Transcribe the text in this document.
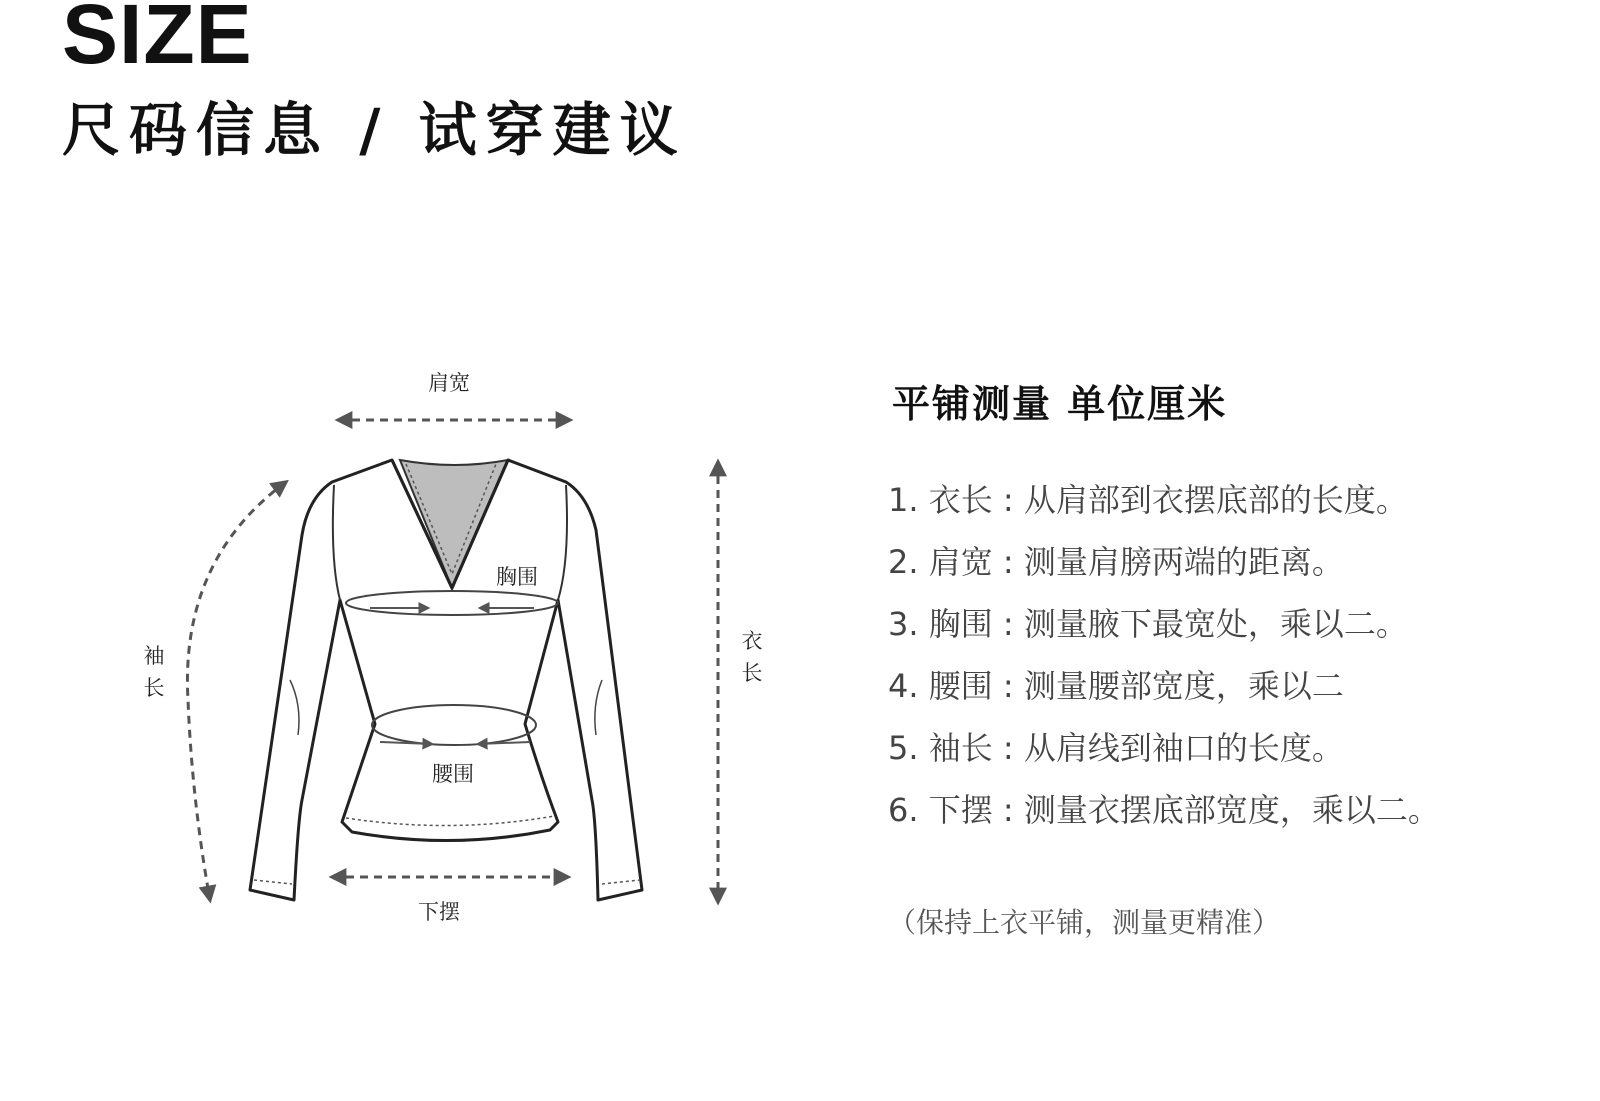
SIZE
尺码信息 / 试穿建议
肩宽
胸围
腰围
下摆
袖长
衣长
平铺测量 单位厘米
1. 衣长 : 从肩部到衣摆底部的长度。
2. 肩宽 : 测量肩膀两端的距离。
3. 胸围 : 测量腋下最宽处，乘以二。
4. 腰围 : 测量腰部宽度，乘以二
5. 袖长 : 从肩线到袖口的长度。
6. 下摆 : 测量衣摆底部宽度，乘以二。
（保持上衣平铺，测量更精准）
